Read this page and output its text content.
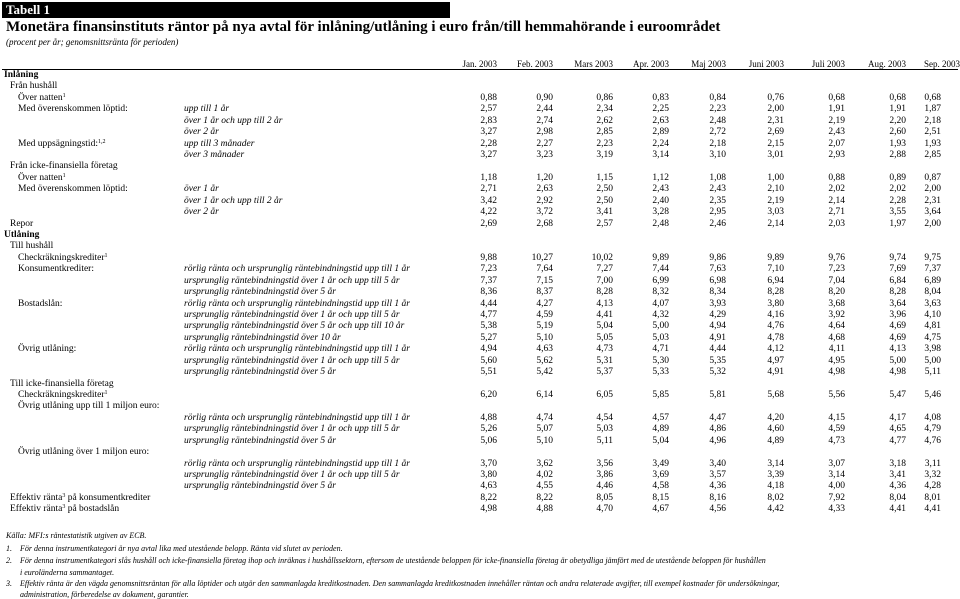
Tabell 1
Monetära finansinstituts räntor på nya avtal för inlåning/utlåning i euro från/till hemmahörande i euroområdet
(procent per år; genomsnittsränta för perioden)
Jan. 2003	Feb. 2003	Mars 2003	Apr. 2003	Maj 2003	Juni 2003	Juli 2003	Aug. 2003	Sep. 2003
Inlåning
Från hushåll
Över natten$^1$	0,88	0,90	0,86	0,83	0,84	0,76	0,68	0,68	0,68
Med överenskommen löptid:	upp till 1 år	2,57	2,44	2,34	2,25	2,23	2,00	1,91	1,91	1,87
över 1 år och upp till 2 år	2,83	2,74	2,62	2,63	2,48	2,31	2,19	2,20	2,18
över 2 år	3,27	2,98	2,85	2,89	2,72	2,69	2,43	2,60	2,51
Med uppsägningstid:$^{1,2}$	upp till 3 månader	2,28	2,27	2,23	2,24	2,18	2,15	2,07	1,93	1,93
över 3 månader	3,27	3,23	3,19	3,14	3,10	3,01	2,93	2,88	2,85
Från icke-finansiella företag
Över natten$^1$	1,18	1,20	1,15	1,12	1,08	1,00	0,88	0,89	0,87
Med överenskommen löptid:	över 1 år	2,71	2,63	2,50	2,43	2,43	2,10	2,02	2,02	2,00
över 1 år och upp till 2 år	3,42	2,92	2,50	2,40	2,35	2,19	2,14	2,28	2,31
över 2 år	4,22	3,72	3,41	3,28	2,95	3,03	2,71	3,55	3,64
Repor	2,69	2,68	2,57	2,48	2,46	2,14	2,03	1,97	2,00
Utlåning
Till hushåll
Checkräkningskrediter$^1$	9,88	10,27	10,02	9,89	9,86	9,89	9,76	9,74	9,75
Konsumentkrediter:	rörlig ränta och ursprunglig räntebindningstid upp till 1 år	7,23	7,64	7,27	7,44	7,63	7,10	7,23	7,69	7,37
ursprunglig räntebindningstid över 1 år och upp till 5 år	7,37	7,15	7,00	6,99	6,98	6,94	7,04	6,84	6,89
ursprunglig räntebindningstid över 5 år	8,36	8,37	8,28	8,32	8,34	8,28	8,20	8,28	8,04
Bostadslån:	rörlig ränta och ursprunglig räntebindningstid upp till 1 år	4,44	4,27	4,13	4,07	3,93	3,80	3,68	3,64	3,63
ursprunglig räntebindningstid över 1 år och upp till 5 år	4,77	4,59	4,41	4,32	4,29	4,16	3,92	3,96	4,10
ursprunglig räntebindningstid över 5 år och upp till 10 år	5,38	5,19	5,04	5,00	4,94	4,76	4,64	4,69	4,81
ursprunglig räntebindningstid över 10 år	5,27	5,10	5,05	5,03	4,91	4,78	4,68	4,69	4,75
Övrig utlåning:	rörlig ränta och ursprunglig räntebindningstid upp till 1 år	4,94	4,63	4,73	4,71	4,44	4,12	4,11	4,13	3,98
ursprunglig räntebindningstid över 1 år och upp till 5 år	5,60	5,62	5,31	5,30	5,35	4,97	4,95	5,00	5,00
ursprunglig räntebindningstid över 5 år	5,51	5,42	5,37	5,33	5,32	4,91	4,98	4,98	5,11
Till icke-finansiella företag
Checkräkningskrediter$^1$	6,20	6,14	6,05	5,85	5,81	5,68	5,56	5,47	5,46
Övrig utlåning upp till 1 miljon euro:
rörlig ränta och ursprunglig räntebindningstid upp till 1 år	4,88	4,74	4,54	4,57	4,47	4,20	4,15	4,17	4,08
ursprunglig räntebindningstid över 1 år och upp till 5 år	5,26	5,07	5,03	4,89	4,86	4,60	4,59	4,65	4,79
ursprunglig räntebindningstid över 5 år	5,06	5,10	5,11	5,04	4,96	4,89	4,73	4,77	4,76
Övrig utlåning över 1 miljon euro:
rörlig ränta och ursprunglig räntebindningstid upp till 1 år	3,70	3,62	3,56	3,49	3,40	3,14	3,07	3,18	3,11
ursprunglig räntebindningstid över 1 år och upp till 5 år	3,80	4,02	3,86	3,69	3,57	3,39	3,14	3,41	3,32
ursprunglig räntebindningstid över 5 år	4,63	4,55	4,46	4,58	4,36	4,18	4,00	4,36	4,28
Effektiv ränta$^3$ på konsumentkrediter	8,22	8,22	8,05	8,15	8,16	8,02	7,92	8,04	8,01
Effektiv ränta$^3$ på bostadslån	4,98	4,88	4,70	4,67	4,56	4,42	4,33	4,41	4,41
Källa: MFI:s räntestatistik utgiven av ECB.
1. För denna instrumentkategori är nya avtal lika med utestående belopp. Ränta vid slutet av perioden.
2. För denna instrumentkategori slås hushåll och icke-finansiella företag ihop och inräknas i hushållssektorn, eftersom de utestående beloppen för icke-finansiella företag är obetydliga jämfört med de utestående beloppen för hushållen
i euroländerna sammantaget.
3. Effektiv ränta är den vägda genomsnittsräntan för alla löptider och utgör den sammanlagda kreditkostnaden. Den sammanlagda kreditkostnaden innehåller räntan och andra relaterade avgifter, till exempel kostnader för undersökningar,
administration, förberedelse av dokument, garantier.
